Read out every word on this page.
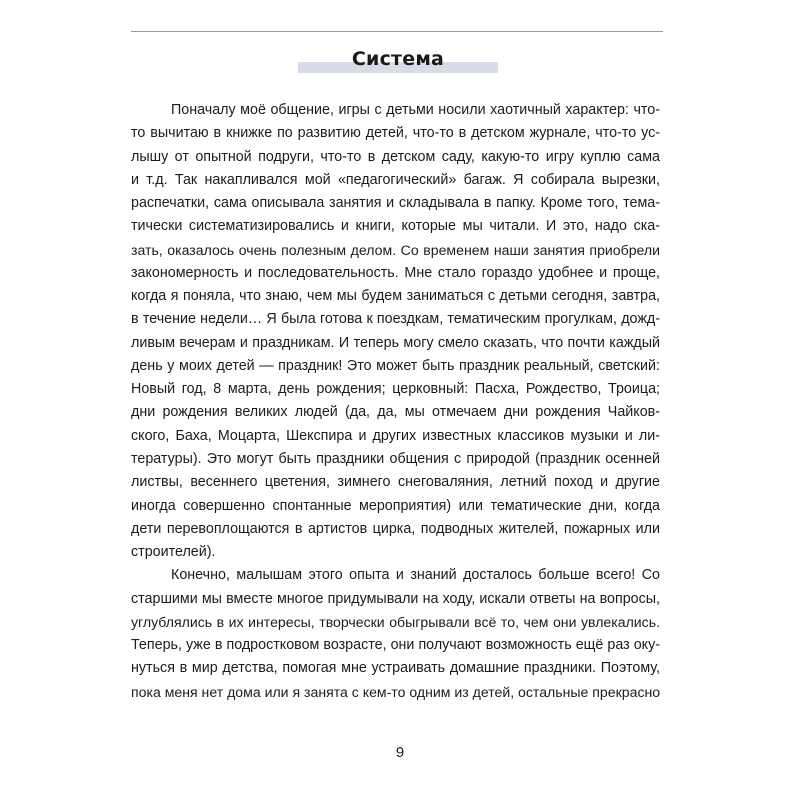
Система
Поначалу моё общение, игры с детьми носили хаотичный характер: что-
то вычитаю в книжке по развитию детей, что-то в детском журнале, что-то ус-
лышу от опытной подруги, что-то в детском саду, какую-то игру куплю сама
и т.д. Так накапливался мой «педагогический» багаж. Я собирала вырезки,
распечатки, сама описывала занятия и складывала в папку. Кроме того, тема-
тически систематизировались и книги, которые мы читали. И это, надо ска-
зать, оказалось очень полезным делом. Со временем наши занятия приобрели
закономерность и последовательность. Мне стало гораздо удобнее и проще,
когда я поняла, что знаю, чем мы будем заниматься с детьми сегодня, завтра,
в течение недели… Я была готова к поездкам, тематическим прогулкам, дожд-
ливым вечерам и праздникам. И теперь могу смело сказать, что почти каждый
день у моих детей — праздник! Это может быть праздник реальный, светский:
Новый год, 8 марта, день рождения; церковный: Пасха, Рождество, Троица;
дни рождения великих людей (да, да, мы отмечаем дни рождения Чайков-
ского, Баха, Моцарта, Шекспира и других известных классиков музыки и ли-
тературы). Это могут быть праздники общения с природой (праздник осенней
листвы, весеннего цветения, зимнего снеговаляния, летний поход и другие
иногда совершенно спонтанные мероприятия) или тематические дни, когда
дети перевоплощаются в артистов цирка, подводных жителей, пожарных или
строителей).
Конечно, малышам этого опыта и знаний досталось больше всего! Со
старшими мы вместе многое придумывали на ходу, искали ответы на вопросы,
углублялись в их интересы, творчески обыгрывали всё то, чем они увлекались.
Теперь, уже в подростковом возрасте, они получают возможность ещё раз оку-
нуться в мир детства, помогая мне устраивать домашние праздники. Поэтому,
пока меня нет дома или я занята с кем-то одним из детей, остальные прекрасно
9
